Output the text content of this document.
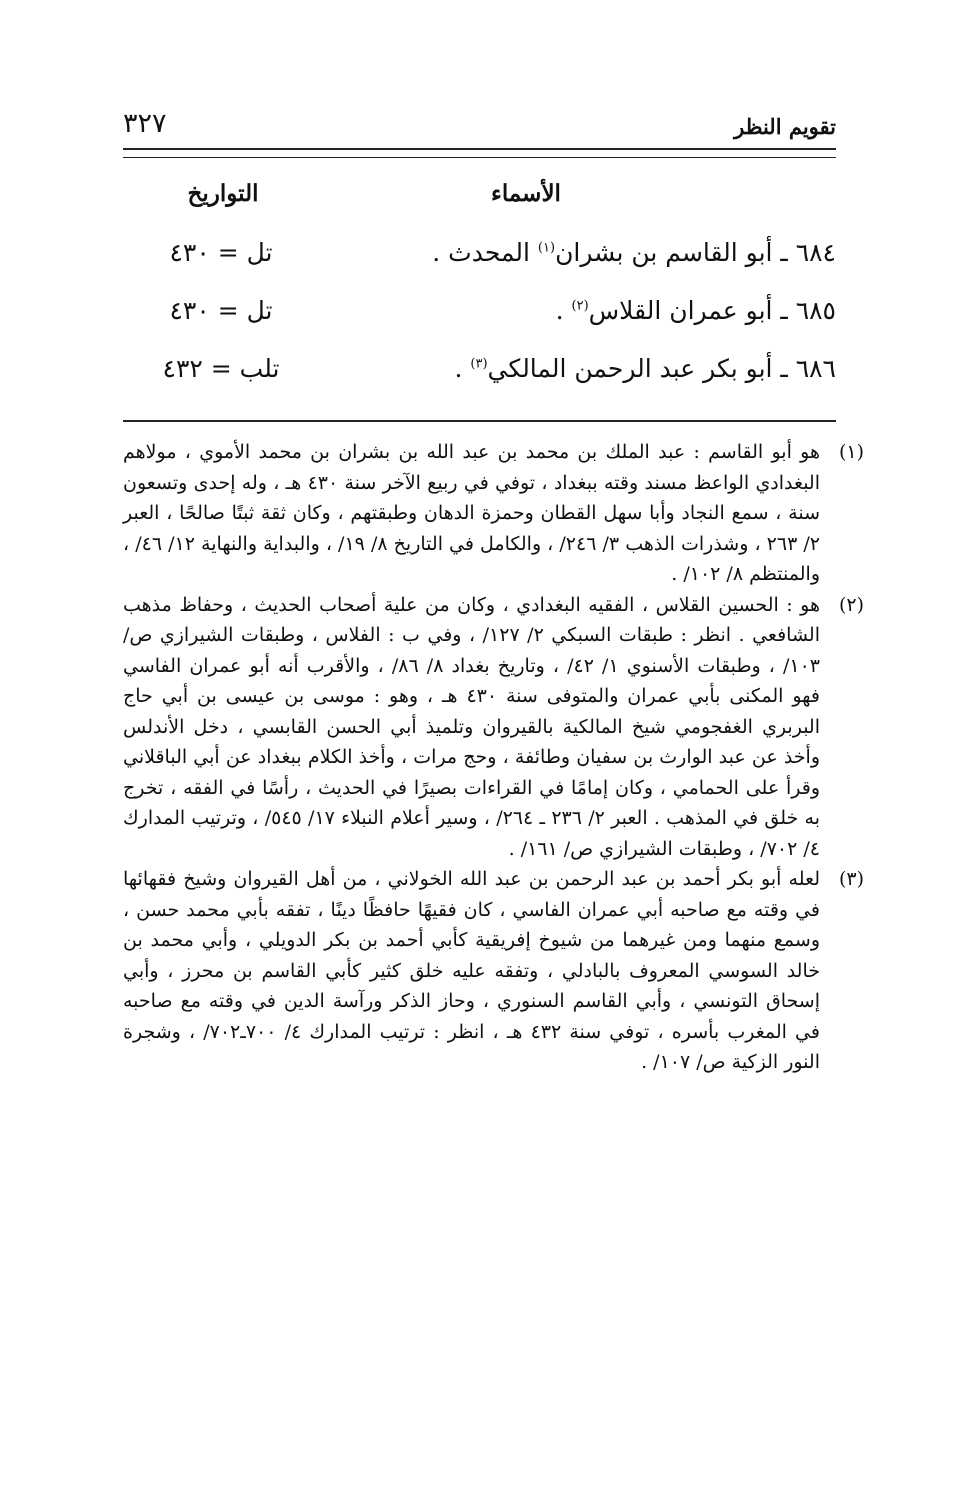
تقويم النظر
٣٢٧
الأسماء
التواريخ
٦٨٤ ـ أبو القاسم بن بشران$^{(١)}$ المحدث .
تل = ٤٣٠
٦٨٥ ـ أبو عمران القلاس$^{(٢)}$ .
تل = ٤٣٠
٦٨٦ ـ أبو بكر عبد الرحمن المالكي$^{(٣)}$ .
تلب = ٤٣٢
(١)
هو أبو القاسم : عبد الملك بن محمد بن عبد الله بن بشران بن محمد الأموي ، مولاهم البغدادي الواعظ مسند وقته ببغداد ، توفي في ربيع الآخر سنة ٤٣٠ هـ ، وله إحدى وتسعون سنة ، سمع النجاد وأبا سهل القطان وحمزة الدهان وطبقتهم ، وكان ثقة ثبتًا صالحًا ، العبر ٢/ ٢٦٣ ، وشذرات الذهب ٣/ ٢٤٦/ ، والكامل في التاريخ ٨/ ١٩/ ، والبداية والنهاية ١٢/ ٤٦/ ، والمنتظم ٨/ ١٠٢/ .
(٢)
هو : الحسين القلاس ، الفقيه البغدادي ، وكان من علية أصحاب الحديث ، وحفاظ مذهب الشافعي . انظر : طبقات السبكي ٢/ ١٢٧/ ، وفي ب : الفلاس ، وطبقات الشيرازي ص/ ١٠٣/ ، وطبقات الأسنوي ١/ ٤٢/ ، وتاريخ بغداد ٨/ ٨٦/ ، والأقرب أنه أبو عمران الفاسي فهو المكنى بأبي عمران والمتوفى سنة ٤٣٠ هـ ، وهو : موسى بن عيسى بن أبي حاج البربري الغفجومي شيخ المالكية بالقيروان وتلميذ أبي الحسن القابسي ، دخل الأندلس وأخذ عن عبد الوارث بن سفيان وطائفة ، وحج مرات ، وأخذ الكلام ببغداد عن أبي الباقلاني وقرأ على الحمامي ، وكان إمامًا في القراءات بصيرًا في الحديث ، رأسًا في الفقه ، تخرج به خلق في المذهب . العبر ٢/ ٢٣٦ ـ ٢٦٤/ ، وسير أعلام النبلاء ١٧/ ٥٤٥/ ، وترتيب المدارك ٤/ ٧٠٢/ ، وطبقات الشيرازي ص/ ١٦١/ .
(٣)
لعله أبو بكر أحمد بن عبد الرحمن بن عبد الله الخولاني ، من أهل القيروان وشيخ فقهائها في وقته مع صاحبه أبي عمران الفاسي ، كان فقيهًا حافظًا دينًا ، تفقه بأبي محمد حسن ، وسمع منهما ومن غيرهما من شيوخ إفريقية كأبي أحمد بن بكر الدويلي ، وأبي محمد بن خالد السوسي المعروف بالبادلي ، وتفقه عليه خلق كثير كأبي القاسم بن محرز ، وأبي إسحاق التونسي ، وأبي القاسم السنوري ، وحاز الذكر ورآسة الدين في وقته مع صاحبه في المغرب بأسره ، توفي سنة ٤٣٢ هـ ، انظر : ترتيب المدارك ٤/ ٧٠٠ـ٧٠٢/ ، وشجرة النور الزكية ص/ ١٠٧/ .
